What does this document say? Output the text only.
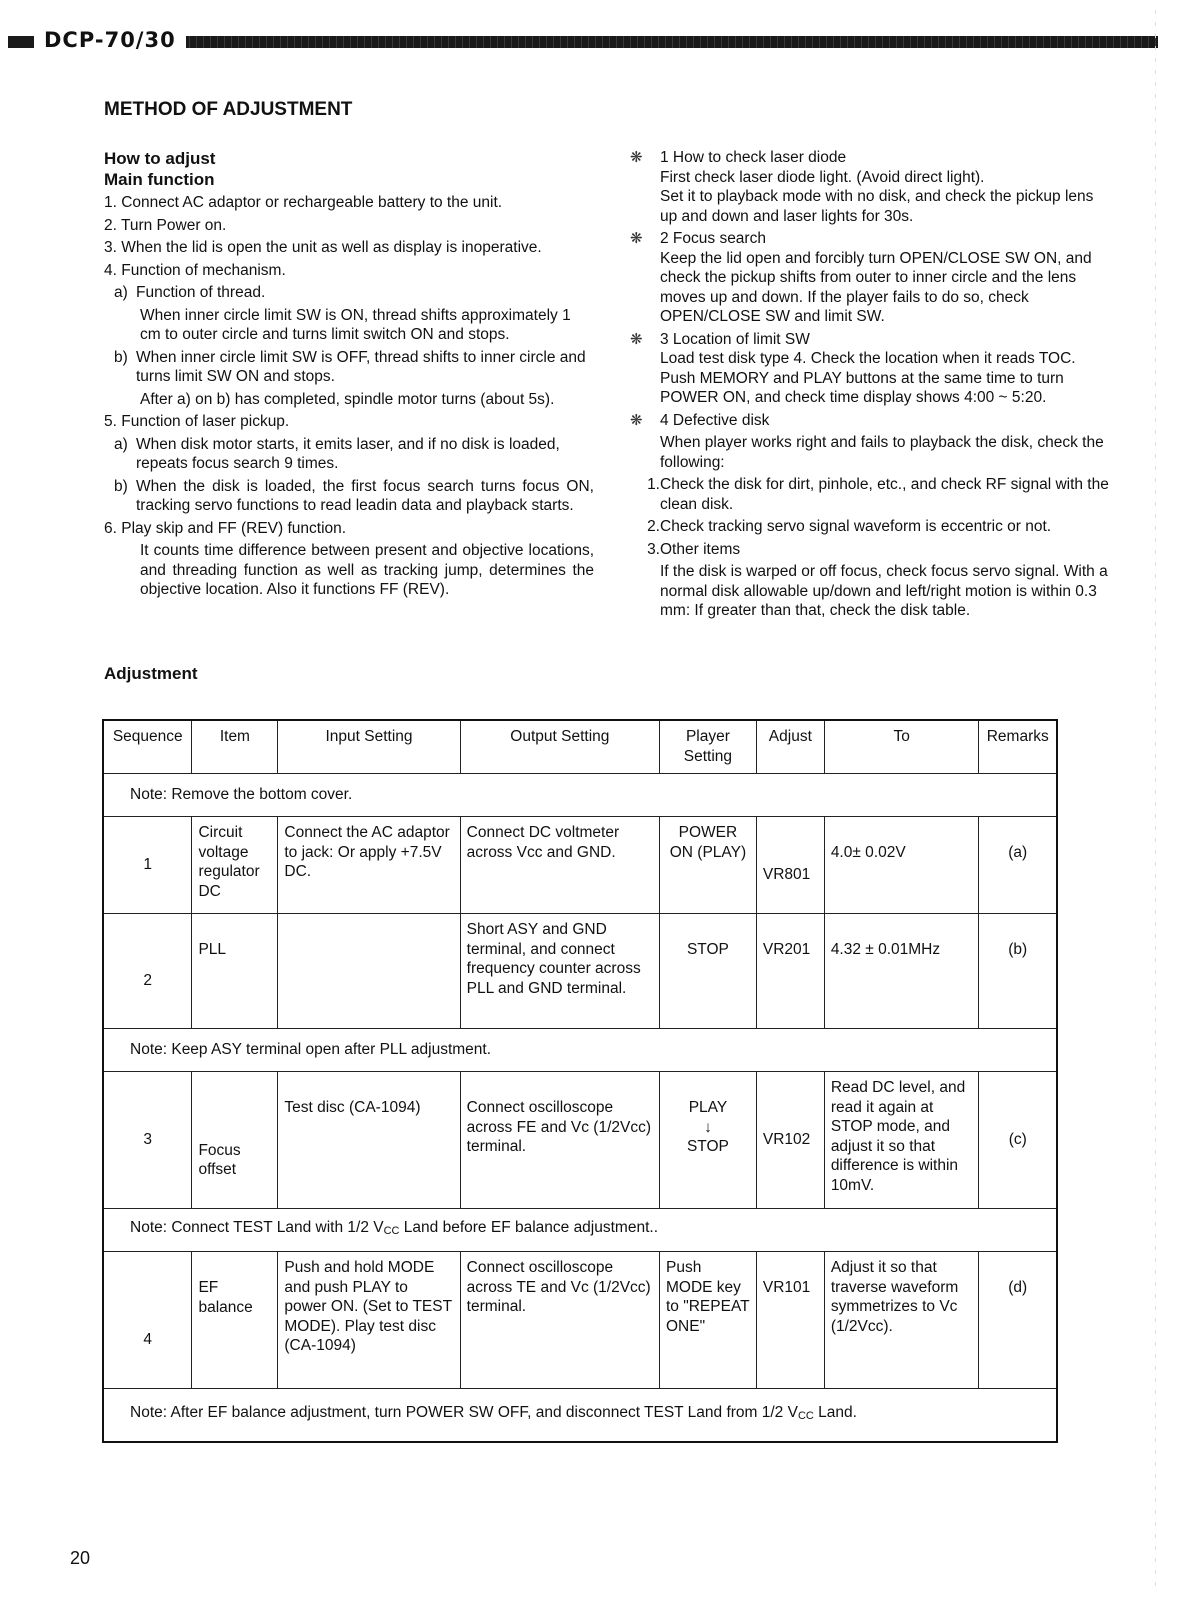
DCP-70/30
METHOD OF ADJUSTMENT
How to adjust
Main function

1. Connect AC adaptor or rechargeable battery to the unit.

2. Turn Power on.

3. When the lid is open the unit as well as display is inoperative.

4. Function of mechanism.

a) Function of thread.

When inner circle limit SW is ON, thread shifts approximately 1 cm to outer circle and turns limit switch ON and stops.

b) When inner circle limit SW is OFF, thread shifts to inner circle and turns limit SW ON and stops.

After a) on b) has completed, spindle motor turns (about 5s).

5. Function of laser pickup.

a) When disk motor starts, it emits laser, and if no disk is loaded, repeats focus search 9 times.
b) When the disk is loaded, the first focus search turns focus ON, tracking servo functions to read leadin data and playback starts.

6. Play skip and FF (REV) function.

It counts time difference between present and objective locations, and threading function as well as tracking jump, determines the objective location. Also it functions FF (REV).

❋	1 How to check laser diode
First check laser diode light. (Avoid direct light).
Set it to playback mode with no disk, and check the pickup lens up and down and laser lights for 30s.
❋	2 Focus search
Keep the lid open and forcibly turn OPEN/CLOSE SW ON, and check the pickup shifts from outer to inner circle and the lens moves up and down. If the player fails to do so, check OPEN/CLOSE SW and limit SW.
❋	3 Location of limit SW
Load test disk type 4. Check the location when it reads TOC. Push MEMORY and PLAY buttons at the same time to turn POWER ON, and check time display shows 4:00 ~ 5:20.
❋	4 Defective disk
When player works right and fails to playback the disk, check the following:
1. Check the disk for dirt, pinhole, etc., and check RF signal with the clean disk.
2. Check tracking servo signal waveform is eccentric or not.
3. Other items
If the disk is warped or off focus, check focus servo signal. With a normal disk allowable up/down and left/right motion is within 0.3 mm: If greater than that, check the disk table.
Adjustment
Sequence	Item	Input Setting	Output Setting	Player Setting	Adjust	To	Remarks
Note: Remove the bottom cover.							
1	Circuit voltage regulator DC	Connect the AC adaptor to jack: Or apply +7.5V DC.	Connect DC voltmeter across Vcc and GND.	POWER ON (PLAY)	VR801	4.0± 0.02V	(a)
2	PLL		Short ASY and GND terminal, and connect frequency counter across PLL and GND terminal.	STOP	VR201	4.32 ± 0.01MHz	(b)
Note: Keep ASY terminal open after PLL adjustment.							
3	Focus offset	Test disc (CA-1094)	Connect oscilloscope across FE and Vc (1/2Vcc) terminal.	PLAY
↓
STOP	VR102	Read DC level, and read it again at STOP mode, and adjust it so that difference is within 10mV.	(c)
Note: Connect TEST Land with 1/2 $V_{CC}$ Land before EF balance adjustment..							
4	EF balance	Push and hold MODE and push PLAY to power ON. (Set to TEST MODE). Play test disc (CA-1094)	Connect oscilloscope across TE and Vc (1/2Vcc) terminal.	Push MODE key to "REPEAT ONE"	VR101	Adjust it so that traverse waveform symmetrizes to Vc (1/2Vcc).	(d)
Note: After EF balance adjustment, turn POWER SW OFF, and disconnect TEST Land from 1/2 $V_{CC}$ Land.							
20
